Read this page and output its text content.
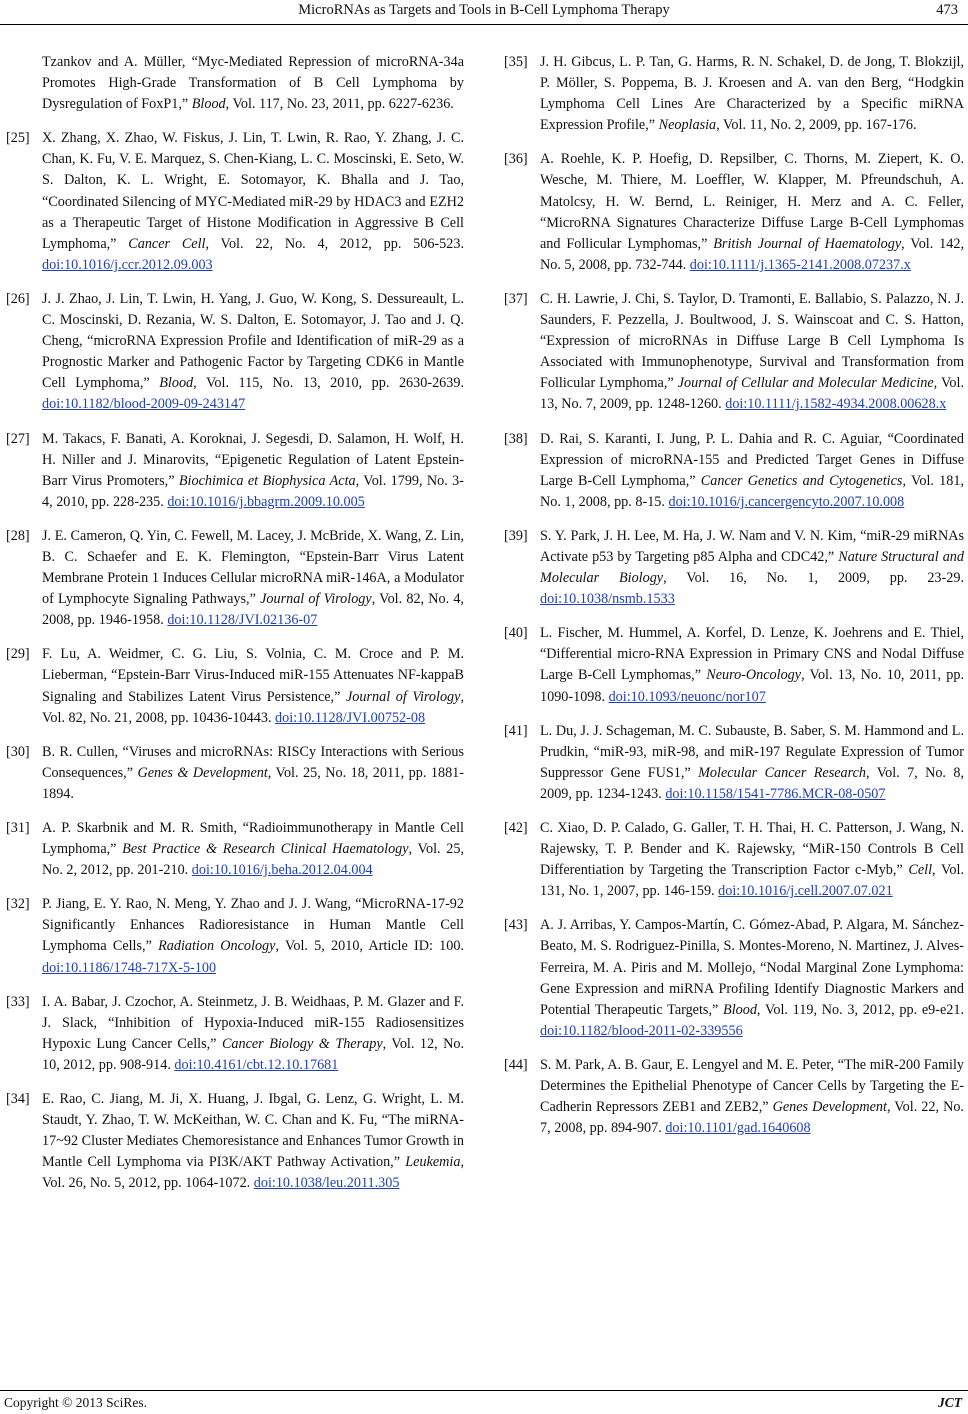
MicroRNAs as Targets and Tools in B-Cell Lymphoma Therapy	473
Tzankov and A. Müller, “Myc-Mediated Repression of microRNA-34a Promotes High-Grade Transformation of B Cell Lymphoma by Dysregulation of FoxP1,” Blood, Vol. 117, No. 23, 2011, pp. 6227-6236.
[25] X. Zhang, X. Zhao, W. Fiskus, J. Lin, T. Lwin, R. Rao, Y. Zhang, J. C. Chan, K. Fu, V. E. Marquez, S. Chen-Kiang, L. C. Moscinski, E. Seto, W. S. Dalton, K. L. Wright, E. Sotomayor, K. Bhalla and J. Tao, “Coordinated Silencing of MYC-Mediated miR-29 by HDAC3 and EZH2 as a Therapeutic Target of Histone Modification in Aggressive B Cell Lymphoma,” Cancer Cell, Vol. 22, No. 4, 2012, pp. 506-523. doi:10.1016/j.ccr.2012.09.003
[26] J. J. Zhao, J. Lin, T. Lwin, H. Yang, J. Guo, W. Kong, S. Dessureault, L. C. Moscinski, D. Rezania, W. S. Dalton, E. Sotomayor, J. Tao and J. Q. Cheng, “microRNA Expression Profile and Identification of miR-29 as a Prognostic Marker and Pathogenic Factor by Targeting CDK6 in Mantle Cell Lymphoma,” Blood, Vol. 115, No. 13, 2010, pp. 2630-2639. doi:10.1182/blood-2009-09-243147
[27] M. Takacs, F. Banati, A. Koroknai, J. Segesdi, D. Salamon, H. Wolf, H. H. Niller and J. Minarovits, “Epigenetic Regulation of Latent Epstein-Barr Virus Promoters,” Biochimica et Biophysica Acta, Vol. 1799, No. 3-4, 2010, pp. 228-235. doi:10.1016/j.bbagrm.2009.10.005
[28] J. E. Cameron, Q. Yin, C. Fewell, M. Lacey, J. McBride, X. Wang, Z. Lin, B. C. Schaefer and E. K. Flemington, “Epstein-Barr Virus Latent Membrane Protein 1 Induces Cellular microRNA miR-146A, a Modulator of Lymphocyte Signaling Pathways,” Journal of Virology, Vol. 82, No. 4, 2008, pp. 1946-1958. doi:10.1128/JVI.02136-07
[29] F. Lu, A. Weidmer, C. G. Liu, S. Volnia, C. M. Croce and P. M. Lieberman, “Epstein-Barr Virus-Induced miR-155 Attenuates NF-kappaB Signaling and Stabilizes Latent Virus Persistence,” Journal of Virology, Vol. 82, No. 21, 2008, pp. 10436-10443. doi:10.1128/JVI.00752-08
[30] B. R. Cullen, “Viruses and microRNAs: RISCy Interactions with Serious Consequences,” Genes & Development, Vol. 25, No. 18, 2011, pp. 1881-1894.
[31] A. P. Skarbnik and M. R. Smith, “Radioimmunotherapy in Mantle Cell Lymphoma,” Best Practice & Research Clinical Haematology, Vol. 25, No. 2, 2012, pp. 201-210. doi:10.1016/j.beha.2012.04.004
[32] P. Jiang, E. Y. Rao, N. Meng, Y. Zhao and J. J. Wang, “MicroRNA-17-92 Significantly Enhances Radioresistance in Human Mantle Cell Lymphoma Cells,” Radiation Oncology, Vol. 5, 2010, Article ID: 100. doi:10.1186/1748-717X-5-100
[33] I. A. Babar, J. Czochor, A. Steinmetz, J. B. Weidhaas, P. M. Glazer and F. J. Slack, “Inhibition of Hypoxia-Induced miR-155 Radiosensitizes Hypoxic Lung Cancer Cells,” Cancer Biology & Therapy, Vol. 12, No. 10, 2012, pp. 908-914. doi:10.4161/cbt.12.10.17681
[34] E. Rao, C. Jiang, M. Ji, X. Huang, J. Ibgal, G. Lenz, G. Wright, L. M. Staudt, Y. Zhao, T. W. McKeithan, W. C. Chan and K. Fu, “The miRNA-17~92 Cluster Mediates Chemoresistance and Enhances Tumor Growth in Mantle Cell Lymphoma via PI3K/AKT Pathway Activation,” Leukemia, Vol. 26, No. 5, 2012, pp. 1064-1072. doi:10.1038/leu.2011.305
[35] J. H. Gibcus, L. P. Tan, G. Harms, R. N. Schakel, D. de Jong, T. Blokzijl, P. Möller, S. Poppema, B. J. Kroesen and A. van den Berg, “Hodgkin Lymphoma Cell Lines Are Characterized by a Specific miRNA Expression Profile,” Neoplasia, Vol. 11, No. 2, 2009, pp. 167-176.
[36] A. Roehle, K. P. Hoefig, D. Repsilber, C. Thorns, M. Ziepert, K. O. Wesche, M. Thiere, M. Loeffler, W. Klapper, M. Pfreundschuh, A. Matolcsy, H. W. Bernd, L. Reiniger, H. Merz and A. C. Feller, “MicroRNA Signatures Characterize Diffuse Large B-Cell Lymphomas and Follicular Lymphomas,” British Journal of Haematology, Vol. 142, No. 5, 2008, pp. 732-744. doi:10.1111/j.1365-2141.2008.07237.x
[37] C. H. Lawrie, J. Chi, S. Taylor, D. Tramonti, E. Ballabio, S. Palazzo, N. J. Saunders, F. Pezzella, J. Boultwood, J. S. Wainscoat and C. S. Hatton, “Expression of microRNAs in Diffuse Large B Cell Lymphoma Is Associated with Immunophenotype, Survival and Transformation from Follicular Lymphoma,” Journal of Cellular and Molecular Medicine, Vol. 13, No. 7, 2009, pp. 1248-1260. doi:10.1111/j.1582-4934.2008.00628.x
[38] D. Rai, S. Karanti, I. Jung, P. L. Dahia and R. C. Aguiar, “Coordinated Expression of microRNA-155 and Predicted Target Genes in Diffuse Large B-Cell Lymphoma,” Cancer Genetics and Cytogenetics, Vol. 181, No. 1, 2008, pp. 8-15. doi:10.1016/j.cancergencyto.2007.10.008
[39] S. Y. Park, J. H. Lee, M. Ha, J. W. Nam and V. N. Kim, “miR-29 miRNAs Activate p53 by Targeting p85 Alpha and CDC42,” Nature Structural and Molecular Biology, Vol. 16, No. 1, 2009, pp. 23-29. doi:10.1038/nsmb.1533
[40] L. Fischer, M. Hummel, A. Korfel, D. Lenze, K. Joehrens and E. Thiel, “Differential micro-RNA Expression in Primary CNS and Nodal Diffuse Large B-Cell Lymphomas,” Neuro-Oncology, Vol. 13, No. 10, 2011, pp. 1090-1098. doi:10.1093/neuonc/nor107
[41] L. Du, J. J. Schageman, M. C. Subauste, B. Saber, S. M. Hammond and L. Prudkin, “miR-93, miR-98, and miR-197 Regulate Expression of Tumor Suppressor Gene FUS1,” Molecular Cancer Research, Vol. 7, No. 8, 2009, pp. 1234-1243. doi:10.1158/1541-7786.MCR-08-0507
[42] C. Xiao, D. P. Calado, G. Galler, T. H. Thai, H. C. Patterson, J. Wang, N. Rajewsky, T. P. Bender and K. Rajewsky, “MiR-150 Controls B Cell Differentiation by Targeting the Transcription Factor c-Myb,” Cell, Vol. 131, No. 1, 2007, pp. 146-159. doi:10.1016/j.cell.2007.07.021
[43] A. J. Arribas, Y. Campos-Martín, C. Gómez-Abad, P. Algara, M. Sánchez-Beato, M. S. Rodriguez-Pinilla, S. Montes-Moreno, N. Martinez, J. Alves-Ferreira, M. A. Piris and M. Mollejo, “Nodal Marginal Zone Lymphoma: Gene Expression and miRNA Profiling Identify Diagnostic Markers and Potential Therapeutic Targets,” Blood, Vol. 119, No. 3, 2012, pp. e9-e21. doi:10.1182/blood-2011-02-339556
[44] S. M. Park, A. B. Gaur, E. Lengyel and M. E. Peter, “The miR-200 Family Determines the Epithelial Phenotype of Cancer Cells by Targeting the E-Cadherin Repressors ZEB1 and ZEB2,” Genes Development, Vol. 22, No. 7, 2008, pp. 894-907. doi:10.1101/gad.1640608
Copyright © 2013 SciRes.	JCT
